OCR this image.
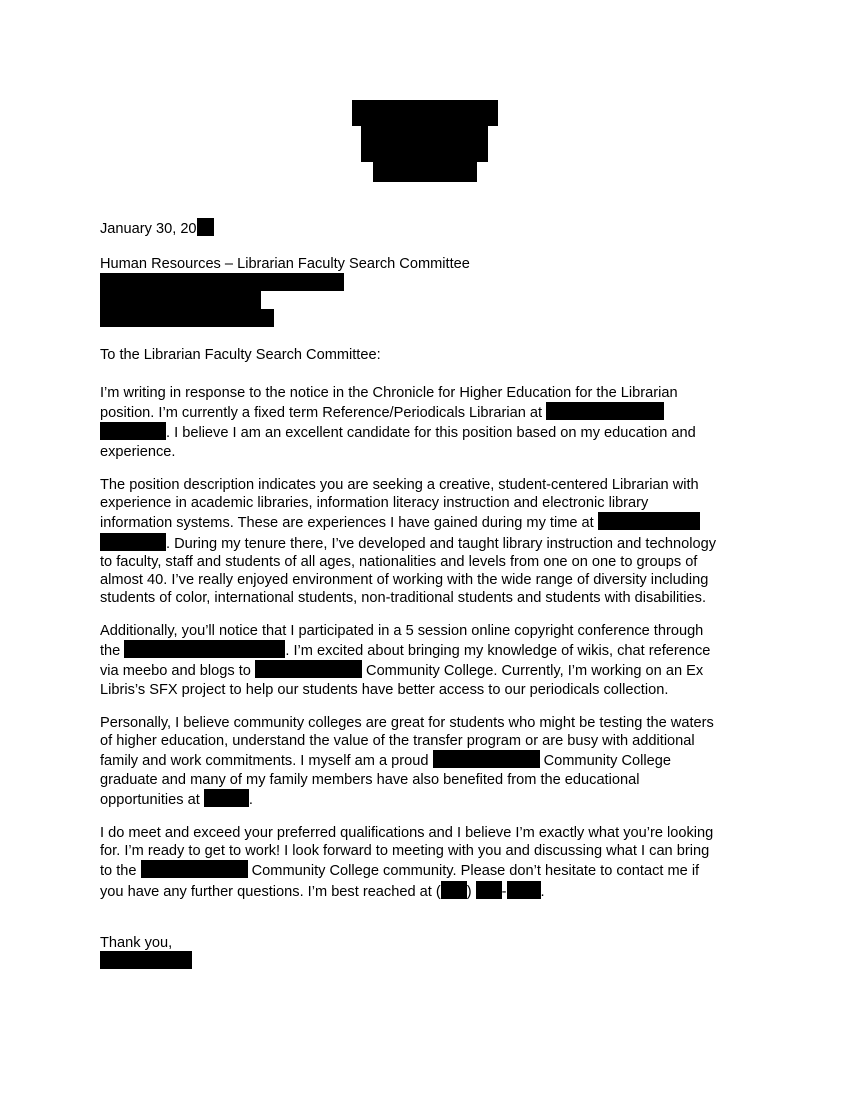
January 30, 20
Human Resources – Librarian Faculty Search Committee
To the Librarian Faculty Search Committee:
I’m writing in response to the notice in the Chronicle for Higher Education for the Librarian
position. I’m currently a fixed term Reference/Periodicals Librarian at
. I believe I am an excellent candidate for this position based on my education and
experience.
The position description indicates you are seeking a creative, student-centered Librarian with
experience in academic libraries, information literacy instruction and electronic library
information systems. These are experiences I have gained during my time at
. During my tenure there, I’ve developed and taught library instruction and technology
to faculty, staff and students of all ages, nationalities and levels from one on one to groups of
almost 40. I’ve really enjoyed environment of working with the wide range of diversity including
students of color, international students, non-traditional students and students with disabilities.
Additionally, you’ll notice that I participated in a 5 session online copyright conference through
the	. I’m excited about bringing my knowledge of wikis, chat reference
via meebo and blogs to	Community College. Currently, I’m working on an Ex
Libris’s SFX project to help our students have better access to our periodicals collection.
Personally, I believe community colleges are great for students who might be testing the waters
of higher education, understand the value of the transfer program or are busy with additional
family and work commitments. I myself am a proud	Community College
graduate and many of my family members have also benefited from the educational
opportunities at	.
I do meet and exceed your preferred qualifications and I believe I’m exactly what you’re looking
for. I’m ready to get to work! I look forward to meeting with you and discussing what I can bring
to the	Community College community. Please don’t hesitate to contact me if
you have any further questions. I’m best reached at ( ) - .
Thank you,
